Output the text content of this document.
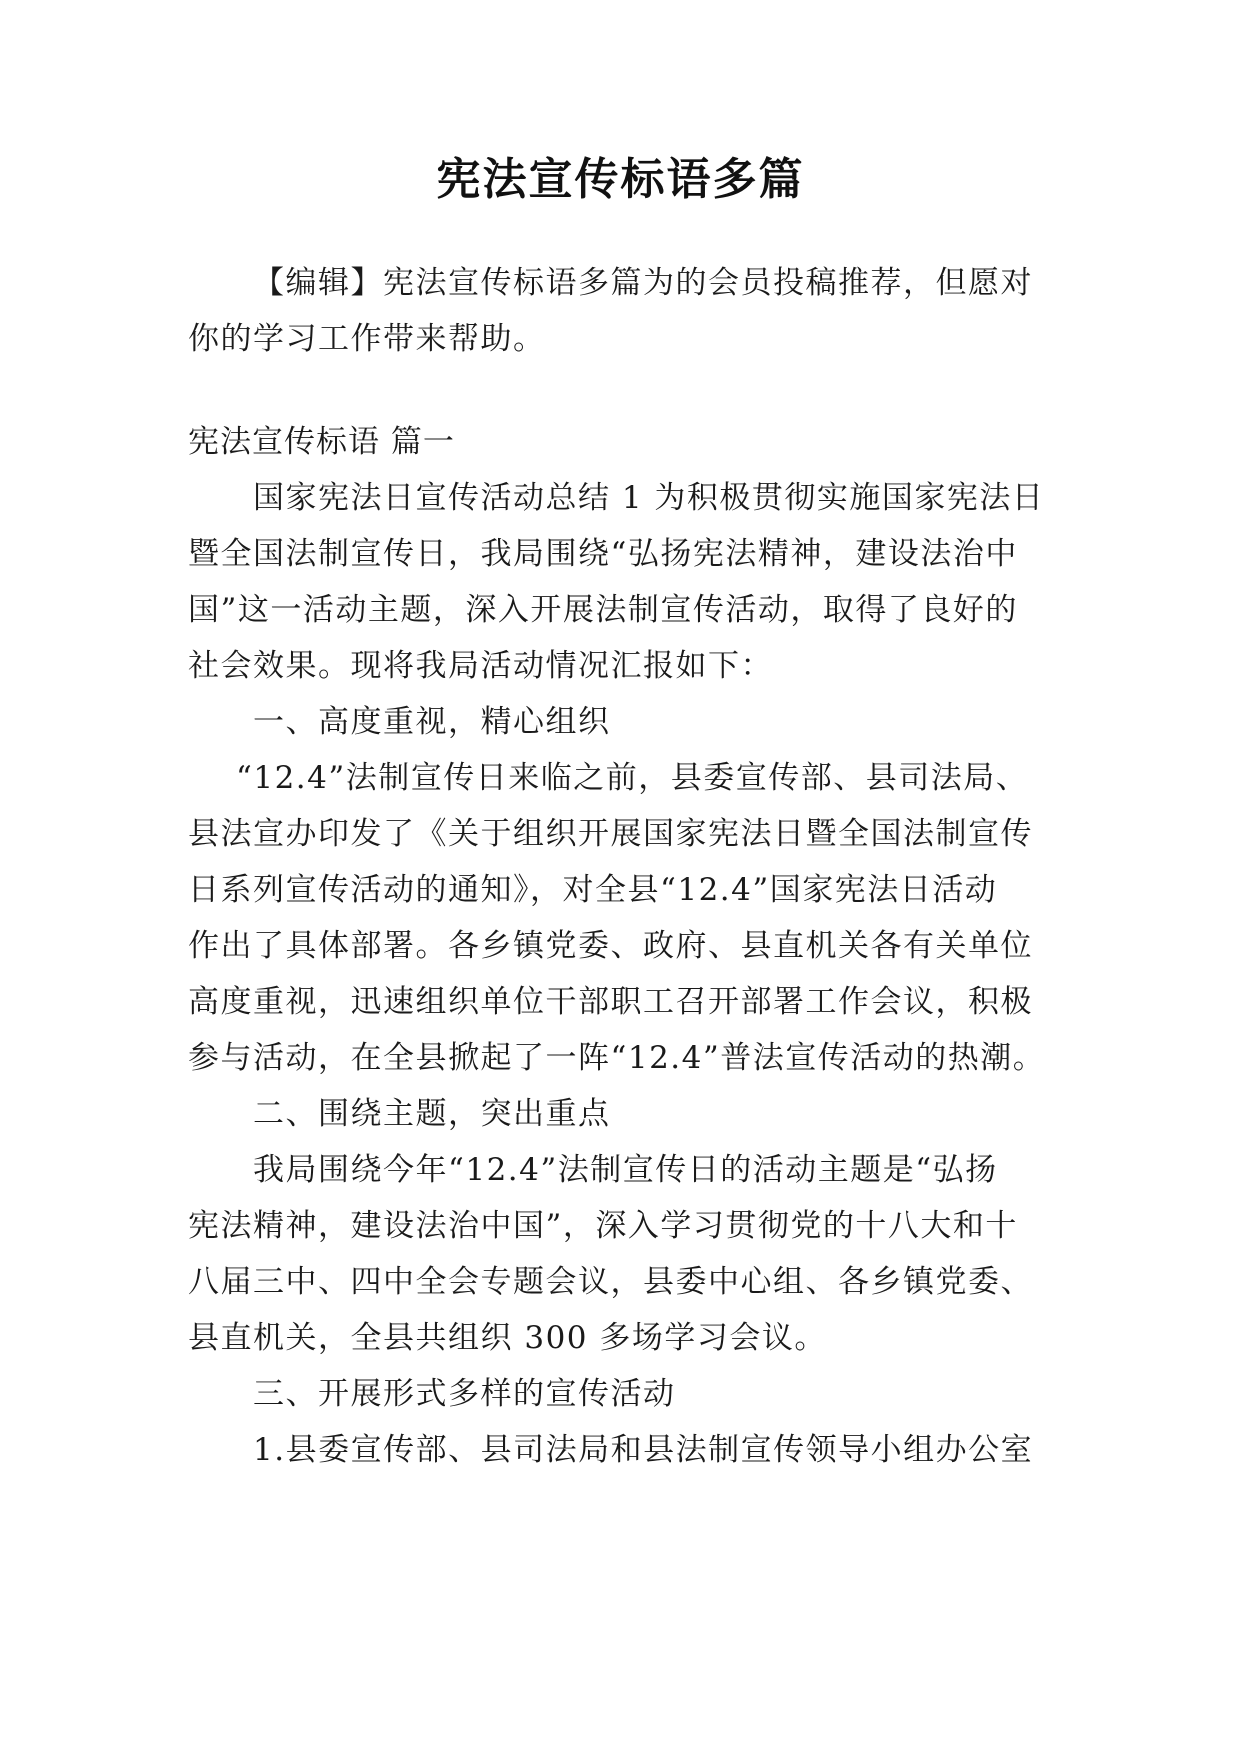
宪法宣传标语多篇
【编辑】宪法宣传标语多篇为的会员投稿推荐，但愿对
你的学习工作带来帮助。
宪法宣传标语 篇一
国家宪法日宣传活动总结 1 为积极贯彻实施国家宪法日
暨全国法制宣传日，我局围绕“弘扬宪法精神，建设法治中
国”这一活动主题，深入开展法制宣传活动，取得了良好的
社会效果。现将我局活动情况汇报如下：
一、高度重视，精心组织
“12.4”法制宣传日来临之前，县委宣传部、县司法局、
县法宣办印发了《关于组织开展国家宪法日暨全国法制宣传
日系列宣传活动的通知》，对全县“12.4”国家宪法日活动
作出了具体部署。各乡镇党委、政府、县直机关各有关单位
高度重视，迅速组织单位干部职工召开部署工作会议，积极
参与活动，在全县掀起了一阵“12.4”普法宣传活动的热潮。
二、围绕主题，突出重点
我局围绕今年“12.4”法制宣传日的活动主题是“弘扬
宪法精神，建设法治中国”，深入学习贯彻党的十八大和十
八届三中、四中全会专题会议，县委中心组、各乡镇党委、
县直机关，全县共组织 300 多场学习会议。
三、开展形式多样的宣传活动
1.县委宣传部、县司法局和县法制宣传领导小组办公室
